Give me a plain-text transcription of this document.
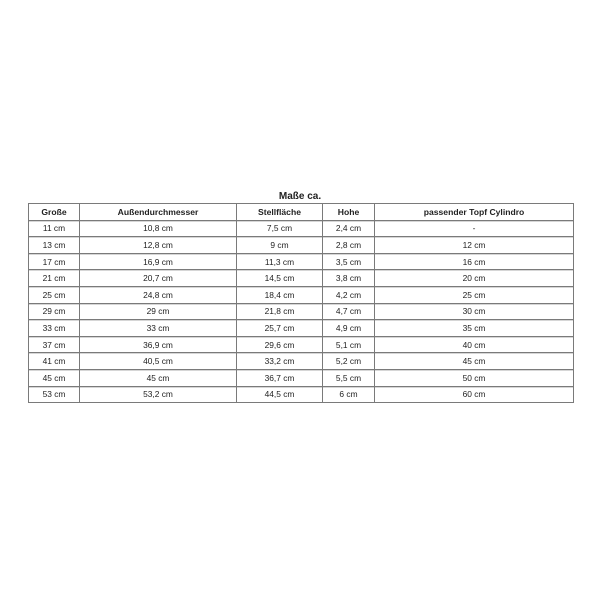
Maße ca.
Große	Außendurchmesser	Stellfläche	Hohe	passender Topf Cylindro
11 cm	10,8 cm	7,5 cm	2,4 cm	-
13 cm	12,8 cm	9 cm	2,8 cm	12 cm
17 cm	16,9 cm	11,3 cm	3,5 cm	16 cm
21 cm	20,7 cm	14,5 cm	3,8 cm	20 cm
25 cm	24,8 cm	18,4 cm	4,2 cm	25 cm
29 cm	29 cm	21,8 cm	4,7 cm	30 cm
33 cm	33 cm	25,7 cm	4,9 cm	35 cm
37 cm	36,9 cm	29,6 cm	5,1 cm	40 cm
41 cm	40,5 cm	33,2 cm	5,2 cm	45 cm
45 cm	45 cm	36,7 cm	5,5 cm	50 cm
53 cm	53,2 cm	44,5 cm	6 cm	60 cm
